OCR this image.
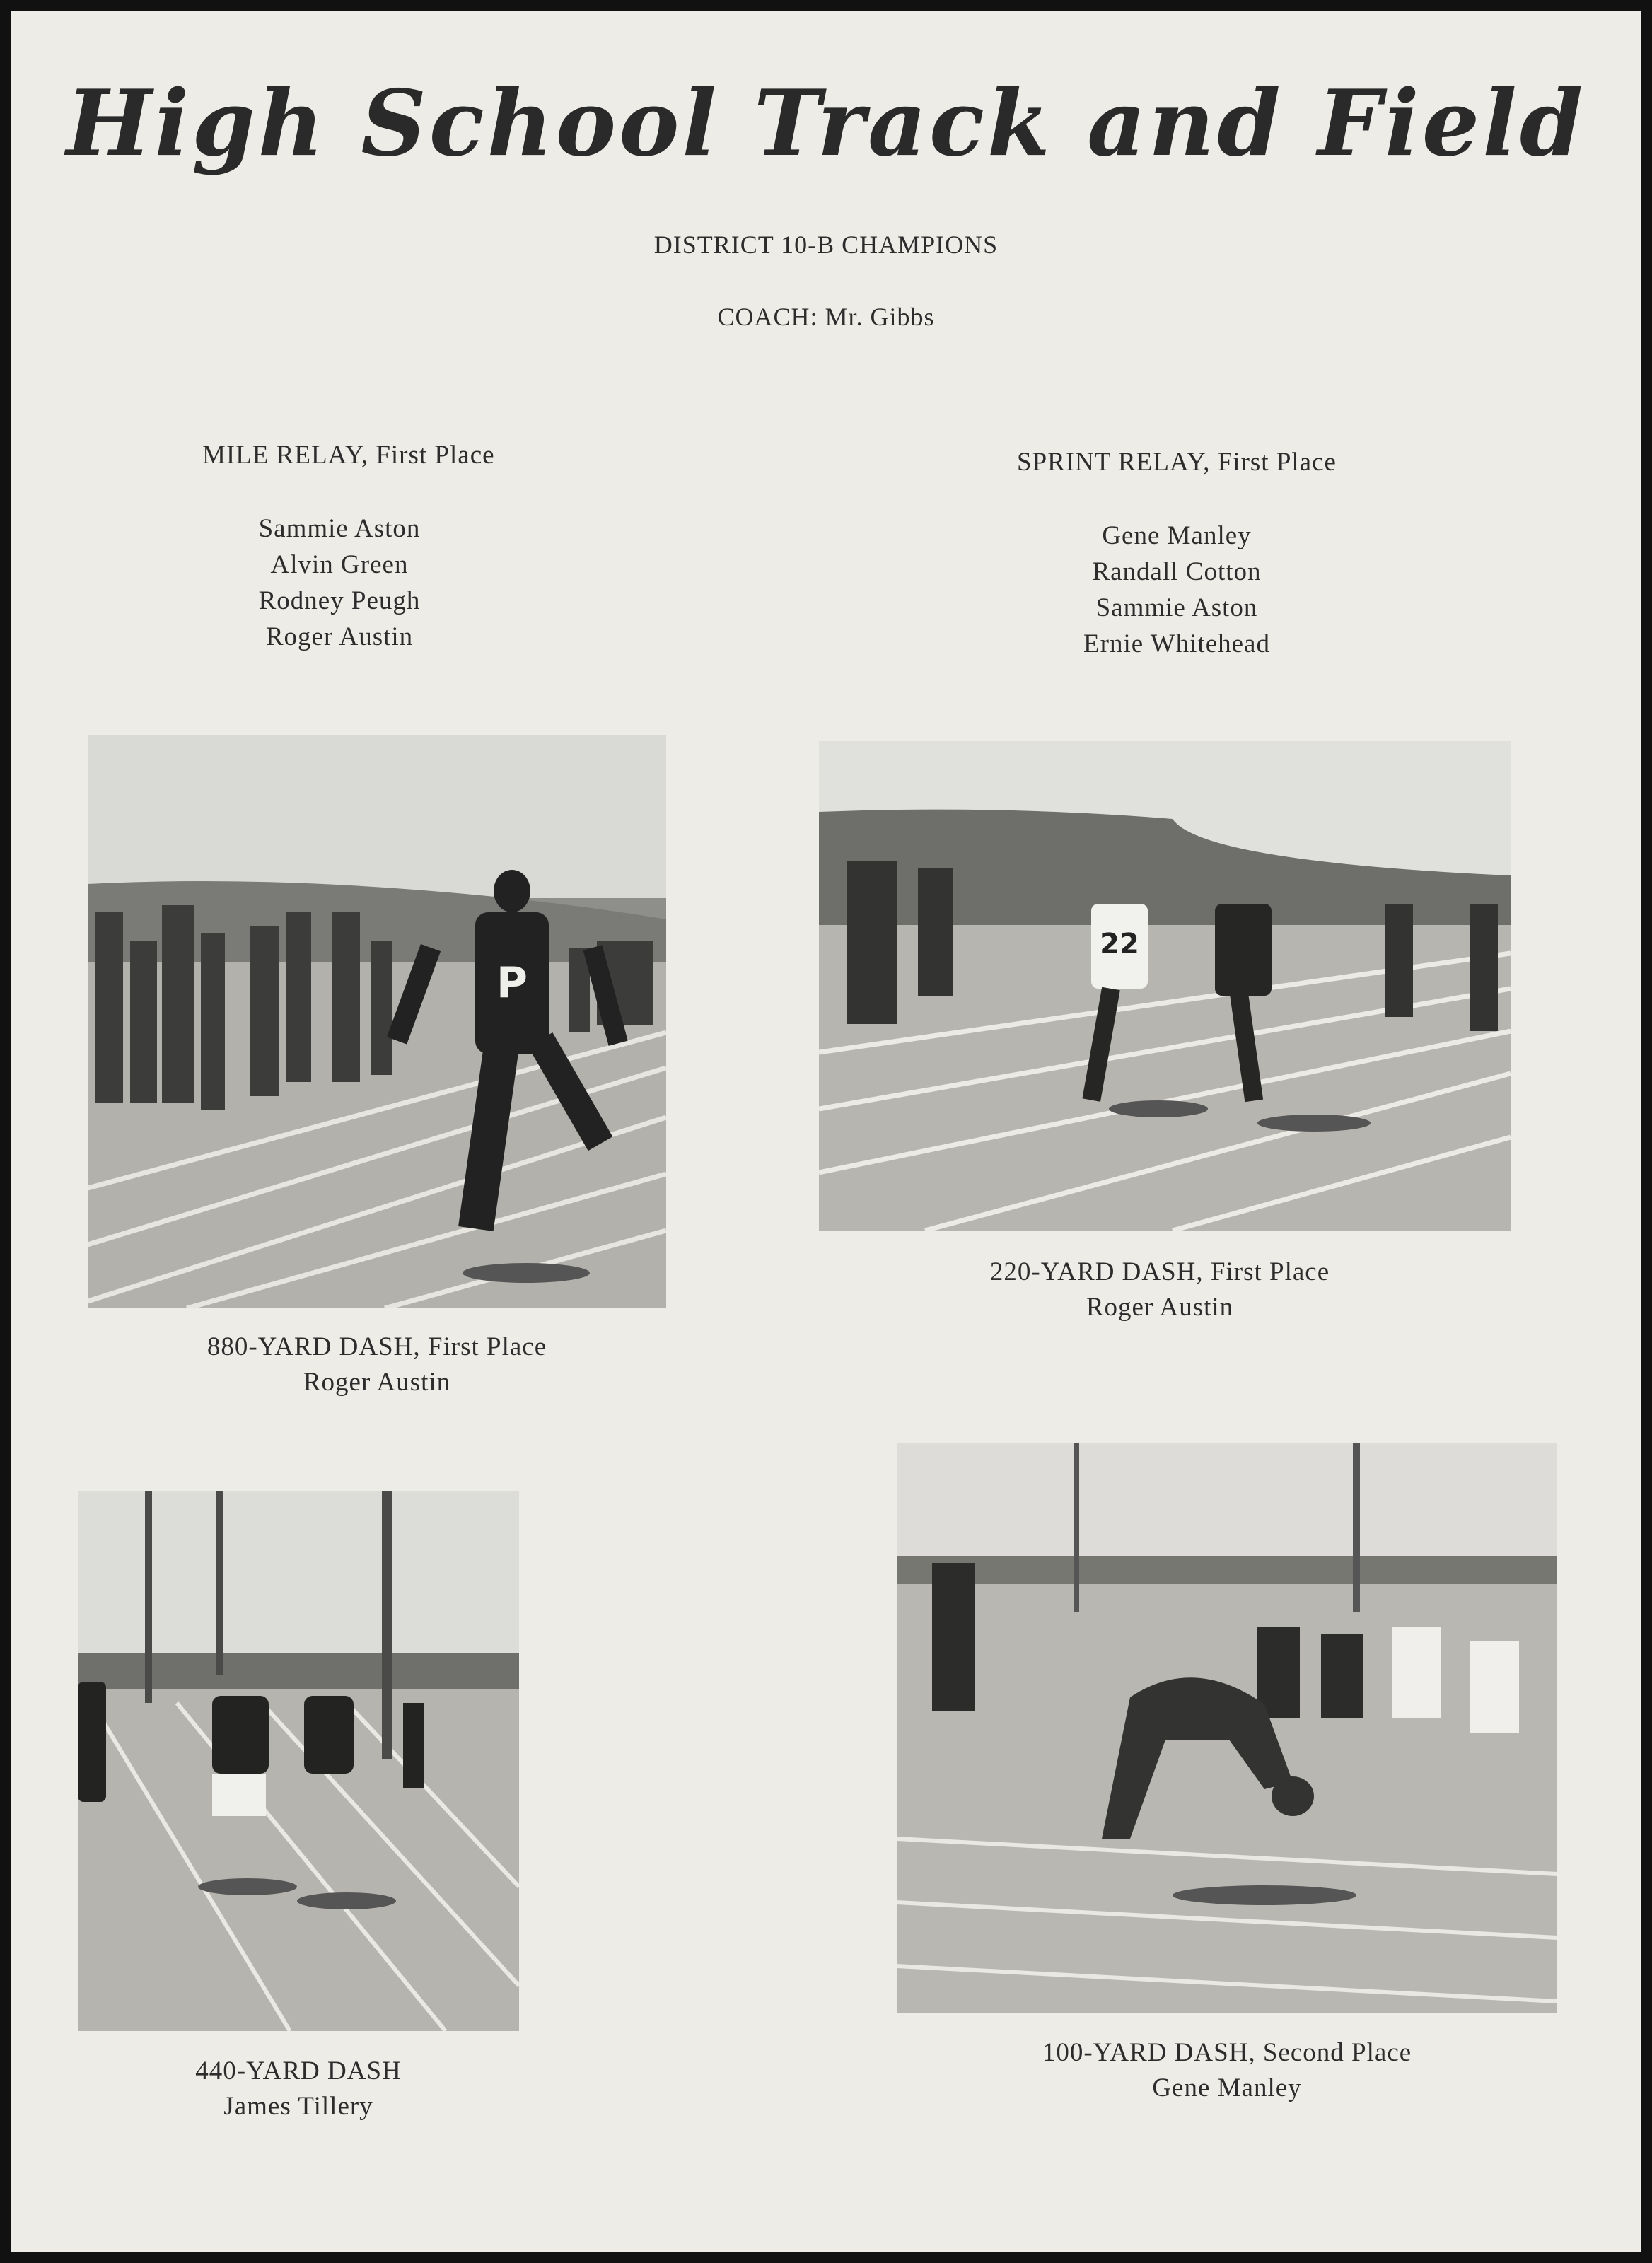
High School Track and Field
DISTRICT 10-B CHAMPIONS
COACH: Mr. Gibbs
MILE RELAY, First Place
Sammie Aston
Alvin Green
Rodney Peugh
Roger Austin
SPRINT RELAY, First Place
Gene Manley
Randall Cotton
Sammie Aston
Ernie Whitehead
P
880-YARD DASH, First Place
Roger Austin
22
220-YARD DASH, First Place
Roger Austin
440-YARD DASH
James Tillery
100-YARD DASH, Second Place
Gene Manley
